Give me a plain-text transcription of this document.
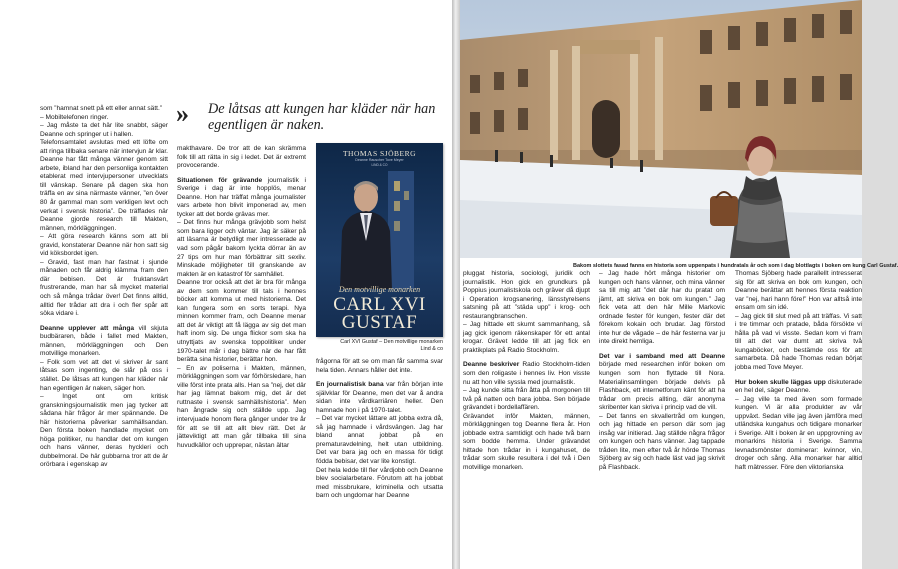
» De låtsas att kungen har kläder när han egentligen är naken.

som ”hamnat snett på ett eller annat sätt.”

– Mobiltelefonen ringer.

– Jag måste ta det här lite snabbt, säger Deanne och springer ut i hallen.

Telefonsamtalet avslutas med ett löfte om att ringa tillbaka senare när intervjun är klar. Deanne har fått många vänner genom sitt arbete, ibland har den personliga kontakten etablerat med intervjupersoner utvecklats till vänskap. Senare på dagen ska hon träffa en av sina närmaste vänner, ”en över 80 år gammal man som verkligen levt och verkat i svensk historia”. De träffades när Deanne gjorde research till Makten, männen, mörkläggningen.

– Att göra research känns som att bli gravid, konstaterar Deanne när hon satt sig vid köksbordet igen.

– Gravid, fast man har fastnat i sjunde månaden och får aldrig klämma fram den där bebisen. Det är fruktansvärt frustrerande, man har så mycket material och så många trådar över! Det finns alltid, alltid fler trådar att dra i och fler spår att söka vidare i.

Deanne upplever att många vill skjuta budbäraren, både i fallet med Makten, männen, mörkläggningen och Den motvillige monarken.

– Folk som vet att det vi skriver är sant låtsas som ingenting, de slår på oss i stället. De låtsas att kungen har kläder när han egentligen är naken, säger hon.

– Inget ont om kritisk granskningsjournalistik men jag tycker att sådana här frågor är mer spännande. De här historierna påverkar samhällsandan. Den första boken handlade mycket om höga politiker, nu handlar det om kungen och hans vänner, deras hyckleri och dubbelmoral. De här gubbarna tror att de är orörbara i egenskap av

makthavare. De tror att de kan skrämma folk till att rätta in sig i ledet. Det är extremt provocerande.

Situationen för grävande journalistik i Sverige i dag är inte hopplös, menar Deanne. Hon har träffat många journalister vars arbete hon blivit imponerad av, men tycker att det borde grävas mer.

– Det finns hur många grävjobb som helst som bara ligger och väntar. Jag är säker på att läsarna är betydligt mer intresserade av vad som pågår bakom lyckta dörrar än av 27 tips om hur man förbättrar sitt sexliv. Minskade möjligheter till granskande av makten är en katastrof för samhället.

Deanne tror också att det är bra för många av dem som kommer till tals i hennes böcker att komma ut med historierna. Det kan fungera som en sorts terapi. Nya minnen kommer fram, och Deanne menar att det är viktigt att få lägga av sig det man haft inom sig. De unga flickor som ska ha utnyttjats av svenska toppolitiker under 1970-talet mår i dag bättre när de har fått berätta sina historier, berättar hon.

– En av poliserna i Makten, männen, mörkläggningen som var förhörsledare, han ville först inte prata alls. Han sa ”nej, det där har jag lämnat bakom mig, det är det ruttnaste i svensk samhällshistoria”. Men han ångrade sig och ställde upp. Jag intervjuade honom flera gånger under tre år för att se till att allt blev rätt. Det är jätteviktigt att man går tillbaka till sina huvudkällor och upprepar, nästan ältar

frågorna för att se om man får samma svar hela tiden. Annars håller det inte.

En journalistisk bana var från början inte självklar för Deanne, men det var å andra sidan inte vårdkarriären heller. Den hamnade hon i på 1970-talet.

– Det var mycket lättare att jobba extra då, så jag hamnade i vårdsvängen. Jag har bland annat jobbat på en prematuravdelning, helt utan utbildning. Det var bara jag och en massa för tidigt födda bebisar, det var lite konstigt.

Det hela ledde till fler vårdjobb och Deanne blev socialarbetare. Förutom att ha jobbat med missbrukare, kriminella och utsatta barn och ungdomar har Deanne

THOMAS SJÖBERG
Deanne Rauscher Tove Meyer
LIND & CO
Den motvillige monarken
CARL XVI
GUSTAF
Carl XVI Gustaf – Den motvillige monarken
Lind & co
Bakom slottets fasad fanns en historia som uppenpats i hundratals år och som i dag blottlagts i boken om kung Carl Gustaf.

pluggat historia, sociologi, juridik och journalistik. Hon gick en grundkurs på Poppius journalistskola och gräver då djupt i Operation krogsanering, länsstyrelsens satsning på att ”städa upp” i krog- och restaurangbranschen.

– Jag hittade ett skumt sammanhang, så jag gick igenom räkenskaper för ett antal krogar. Grävet ledde till att jag fick en praktikplats på Radio Stockholm.

Deanne beskriver Radio Stockholm-tiden som den roligaste i hennes liv. Hon visste nu att hon ville syssla med journalistik.

– Jag kunde sitta från åtta på morgonen till två på natten och bara jobba. Sen började grävandet i bordellaffären.

Grävandet inför Makten, männen, mörkläggningen tog Deanne flera år. Hon jobbade extra samtidigt och hade två barn som bodde hemma. Under grävandet hittade hon trådar in i kungahuset, de trådar som skulle resultera i del två i Den motvillige monarken.

– Jag hade hört många historier om kungen och hans vänner, och mina vänner sa till mig att ”det där har du pratat om jämt, att skriva en bok om kungen.” Jag fick veta att den här Mille Markovic ordnade fester för kungen, fester där det förekom kokain och brudar. Jag förstod inte hur de vågade – de här festerna var ju inte direkt hemliga.

Det var i samband med att Deanne började med researchen inför boken om kungen som hon flyttade till Nora. Materialinsamlingen började delvis på Flashback, ett internetforum känt för att ha trådar om precis allting, där anonyma skribenter kan skriva i princip vad de vill.

– Det fanns en skvallertråd om kungen, och jag hittade en person där som jag insåg var initierad. Jag ställde några frågor om kungen och hans vänner. Jag tappade tråden lite, men efter två år hörde Thomas Sjöberg av sig och hade läst vad jag skrivit på Flashback.

Thomas Sjöberg hade parallellt intresserat sig för att skriva en bok om kungen, och Deanne berättar att hennes första reaktion var ”nej, hari hann före!” Hon var alltså inte ensam om sin idé.

– Jag gick till slut med på att träffas. Vi satt i tre timmar och pratade, båda försökte vi hålla på vad vi visste. Sedan kom vi fram till att det var dumt att skriva två kungaböcker, och bestämde oss för att samarbeta. Då hade Thomas redan börjat jobba med Tove Meyer.

Hur boken skulle läggas upp diskuterade en hel del, säger Deanne.

– Jag ville ta med även som formade kungen. Vi är alla produkter av vår uppväxt. Sedan ville jag även jämföra med utländska kungahus och tidigare monarker i Sverige. Allt i boken är en uppgrovning av monarkins historia i Sverige. Samma levnadsmönster dominerar: kvinnor, vin, droger och sång. Alla monarker har alltid haft mätresser. Före den viktorianska
